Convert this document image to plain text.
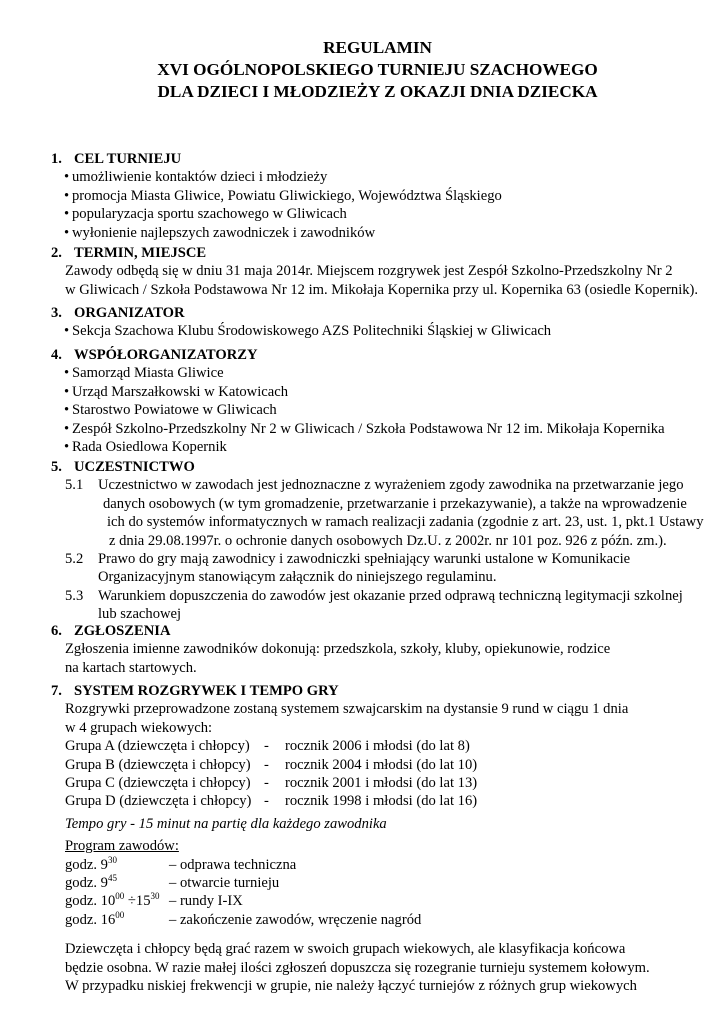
REGULAMIN
XVI OGÓLNOPOLSKIEGO TURNIEJU SZACHOWEGO
DLA DZIECI I MŁODZIEŻY Z OKAZJI DNIA DZIECKA
1. CEL TURNIEJU
• umożliwienie kontaktów dzieci i młodzieży
• promocja Miasta Gliwice, Powiatu Gliwickiego, Województwa Śląskiego
• popularyzacja sportu szachowego w Gliwicach
• wyłonienie najlepszych zawodniczek i zawodników
2. TERMIN, MIEJSCE
Zawody odbędą się w dniu 31 maja 2014r. Miejscem rozgrywek jest Zespół Szkolno-Przedszkolny Nr 2
w Gliwicach / Szkoła Podstawowa Nr 12 im. Mikołaja Kopernika przy ul. Kopernika 63 (osiedle Kopernik).
3. ORGANIZATOR
• Sekcja Szachowa Klubu Środowiskowego AZS Politechniki Śląskiej w Gliwicach
4. WSPÓŁORGANIZATORZY
• Samorząd Miasta Gliwice
• Urząd Marszałkowski w Katowicach
• Starostwo Powiatowe w Gliwicach
• Zespół Szkolno-Przedszkolny Nr 2 w Gliwicach / Szkoła Podstawowa Nr 12 im. Mikołaja Kopernika
• Rada Osiedlowa Kopernik
5. UCZESTNICTWO
5.1	Uczestnictwo w zawodach jest jednoznaczne z wyrażeniem zgody zawodnika na przetwarzanie jego
danych osobowych (w tym gromadzenie, przetwarzanie i przekazywanie), a także na wprowadzenie
ich do systemów informatycznych w ramach realizacji zadania (zgodnie z art. 23, ust. 1, pkt.1 Ustawy
z dnia 29.08.1997r. o ochronie danych osobowych Dz.U. z 2002r. nr 101 poz. 926 z późn. zm.).
5.2	Prawo do gry mają zawodnicy i zawodniczki spełniający warunki ustalone w Komunikacie
Organizacyjnym stanowiącym załącznik do niniejszego regulaminu.
5.3	Warunkiem dopuszczenia do zawodów jest okazanie przed odprawą techniczną legitymacji szkolnej
lub szachowej
6. ZGŁOSZENIA
Zgłoszenia imienne zawodników dokonują: przedszkola, szkoły, kluby, opiekunowie, rodzice
na kartach startowych.
7. SYSTEM ROZGRYWEK I TEMPO GRY
Rozgrywki przeprowadzone zostaną systemem szwajcarskim na dystansie 9 rund w ciągu 1 dnia
w 4 grupach wiekowych:
Grupa A (dziewczęta i chłopcy) -	rocznik 2006 i młodsi (do lat 8)
Grupa B (dziewczęta i chłopcy) -	rocznik 2004 i młodsi (do lat 10)
Grupa C (dziewczęta i chłopcy) -	rocznik 2001 i młodsi (do lat 13)
Grupa D (dziewczęta i chłopcy) -	rocznik 1998 i młodsi (do lat 16)
Tempo gry - 15 minut na partię dla każdego zawodnika
Program zawodów:
godz. $9^{30}$	– odprawa techniczna
godz. $9^{45}$	– otwarcie turnieju
godz. $10^{00} \div 15^{30}$ – rundy I-IX
godz. $16^{00}$	– zakończenie zawodów, wręczenie nagród
Dziewczęta i chłopcy będą grać razem w swoich grupach wiekowych, ale klasyfikacja końcowa
będzie osobna. W razie małej ilości zgłoszeń dopuszcza się rozegranie turnieju systemem kołowym.
W przypadku niskiej frekwencji w grupie, nie należy łączyć turniejów z różnych grup wiekowych
